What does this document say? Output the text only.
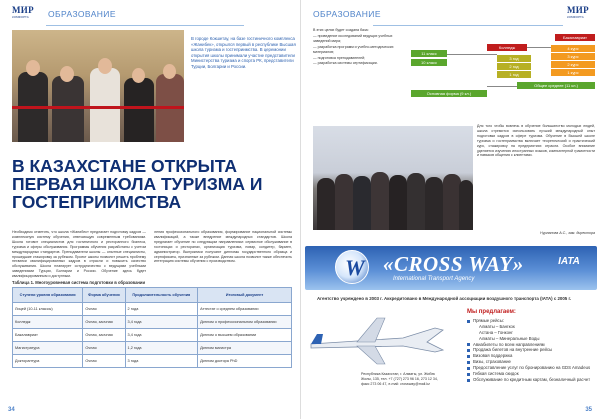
МИР
КОМФОРТА	ОБРАЗОВАНИЕ
В городе Кокшетау, на базе гостиничного комплекса «Жанибек», открылся первый в республике Высшая школа туризма и гостеприимства. В церемонии открытия школы принимали участие представители Министерства туризма и спорта РК, представители Турции, Болгарии и России.
В КАЗАХСТАНЕ ОТКРЫТА ПЕРВАЯ ШКОЛА ТУРИЗМА И ГОСТЕПРИИМСТВА
Необходимо отметить, что школа «Жанибек» предлагает подготовку кадров — комплексную систему обучения, отвечающую современным требованиям. Школа готовит специалистов для гостиничного и ресторанного бизнеса, туризма и сферы обслуживания. Программы обучения разработаны с учетом международных стандартов. Преподаватели школы — опытные специалисты, прошедшие стажировку за рубежом. Проект школы позволит решить проблему нехватки квалифицированных кадров в отрасли и повысить качество обслуживания. Школа планирует сотрудничество с ведущими учебными заведениями Турции, Болгарии и России. Обучение здесь будет квалифицированным и доступным.
ления профессионального образования, формирование национальной системы квалификаций, а также внедрение международных стандартов. Школа предлагает обучение по следующим направлениям: сервисное обслуживание в гостиницах и ресторанах, организация туризма, повар, кондитер, бармен, администратор. Выпускники получают дипломы государственного образца и сертификаты, признанные за рубежом. Данная школа позволит также обеспечить интеграцию системы обучения с производством.
Таблица 1. Многоуровневая система подготовки в образовании
Ступени уровня образования	Форма обучения	Продолжительность обучения	Итоговый документ
Лицей (10-11 классы)	Очная	2 года	Аттестат о среднем образовании
Колледж	Очная, заочная	3,4 года	Диплом о профессиональном образовании
Бакалавриат	Очная, заочная	3,4 года	Диплом о высшем образовании
Магистратура	Очная	1,2 года	Диплом магистра
Докторантура	Очная	3 года	Диплом доктора PhD
34
ОБРАЗОВАНИЕ	МИР
КОМФОРТА

В этих целях будет создана база:

— проведение исследований ведущих учебных заведений мира;

— разработка программ и учебно-методических материалов;

— подготовка преподавателей;

— разработка системы сертификации.

Бакалавриат
Колледж
3 год
2 год
1 год
4 курс
3 курс
2 курс
1 курс
11 класс
10 класс
Общее среднее (11 кл.)
Основная форма (9 кл.)
Для того чтобы вовлечь в обучение большинство молодых людей, школа стремится использовать лучший международный опыт подготовки кадров в сфере туризма. Обучение в Высшей школе туризма и гостеприимства включает теоретический и практический курс, стажировку на предприятиях отрасли. Особое внимание уделяется изучению иностранных языков, компьютерной грамотности и навыков общения с клиентами.
Нурланова А.С., зам. директора
W «CROSS WAY»
International Transport Agency
IATA
Агентство учреждено в 2003 г. Аккредитовано в Международной ассоциации воздушного транспорта (IATA) с 2005 г.
Республика Казахстан, г. Алматы, ул. Жибек Жолы, 135, тел. +7 (727) 273 96 16, 273 12 34, факс 273 06 47, e-mail: crossway@mail.kz
Мы предлагаем:
Прямые рейсы:
Алматы – Бангкок
Астана – Гонконг
Алматы – Минеральные Воды
Авиабилеты по всем направлениям
Продажа билетов на внутренние рейсы
Визовая поддержка
Визы, страхование
Предоставление услуг по бронированию на GDS Amadeus
Гибкая система скидок
Обслуживание по кредитным картам, безналичный расчет
35
